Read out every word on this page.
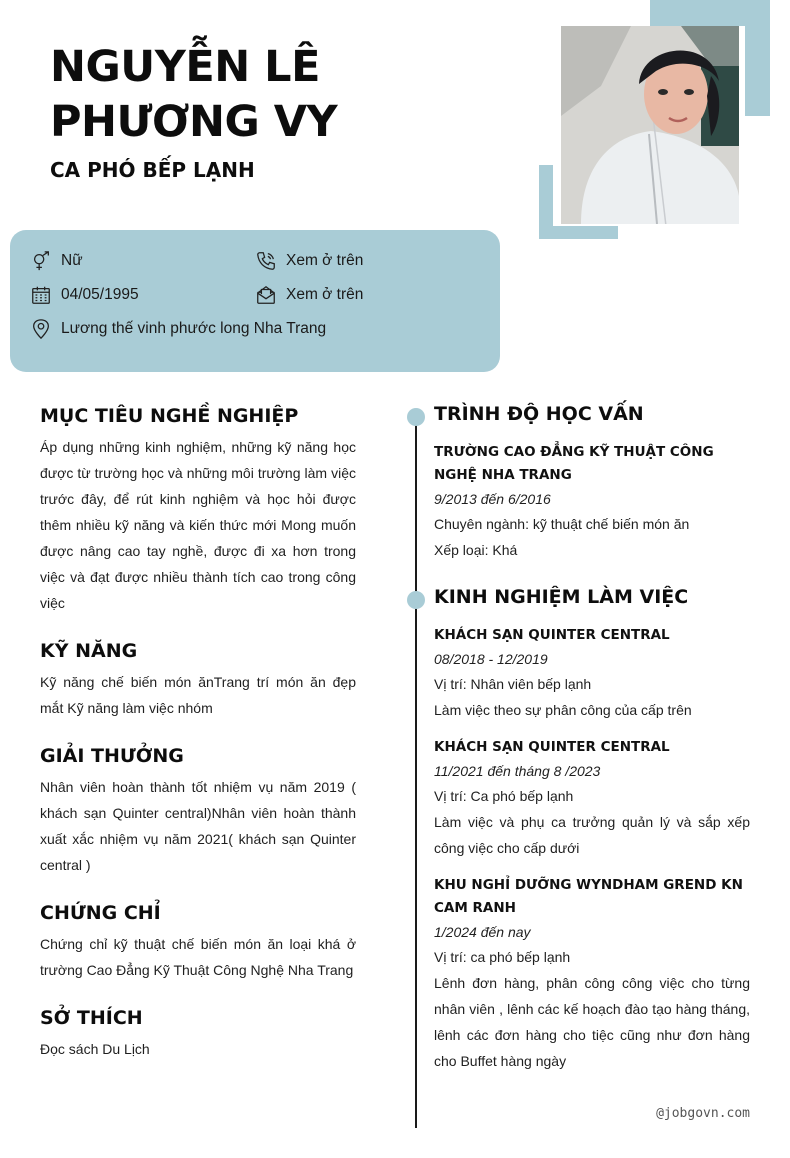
NGUYỄN LÊ PHƯƠNG VY
CA PHÓ BẾP LẠNH
Nữ	Xem ở trên
04/05/1995	Xem ở trên
Lương thế vinh phước long Nha Trang
MỤC TIÊU NGHỀ NGHIỆP
Áp dụng những kinh nghiệm, những kỹ năng học được từ trường học và những môi trường làm việc trước đây, để rút kinh nghiệm và học hỏi được thêm nhiều kỹ năng và kiến thức mới Mong muốn được nâng cao tay nghề, được đi xa hơn trong việc và đạt được nhiều thành tích cao trong công việc
KỸ NĂNG
Kỹ năng chế biến món ănTrang trí món ăn đẹp mắt Kỹ năng làm việc nhóm
GIẢI THƯỞNG
Nhân viên hoàn thành tốt nhiệm vụ năm 2019 ( khách sạn Quinter central)Nhân viên hoàn thành xuất xắc nhiệm vụ năm 2021( khách sạn Quinter central )
CHỨNG CHỈ
Chứng chỉ kỹ thuật chế biến món ăn loại khá ở trường Cao Đẳng Kỹ Thuật Công Nghệ Nha Trang
SỞ THÍCH
Đọc sách Du Lịch
TRÌNH ĐỘ HỌC VẤN
TRƯỜNG CAO ĐẲNG KỸ THUẬT CÔNG NGHỆ NHA TRANG
9/2013 đến 6/2016
Chuyên ngành: kỹ thuật chế biến món ăn
Xếp loại: Khá
KINH NGHIỆM LÀM VIỆC
KHÁCH SẠN QUINTER CENTRAL
08/2018 - 12/2019
Vị trí: Nhân viên bếp lạnh
Làm việc theo sự phân công của cấp trên
KHÁCH SẠN QUINTER CENTRAL
11/2021 đến tháng 8 /2023
Vị trí: Ca phó bếp lạnh
Làm việc và phụ ca trưởng quản lý và sắp xếp công việc cho cấp dưới
KHU NGHỈ DƯỠNG WYNDHAM GREND KN CAM RANH
1/2024 đến nay
Vị trí: ca phó bếp lạnh
Lênh đơn hàng, phân công công việc cho từng nhân viên , lênh các kế hoạch đào tạo hàng tháng, lênh các đơn hàng cho tiệc cũng như đơn hàng cho Buffet hàng ngày
@jobgovn.com
